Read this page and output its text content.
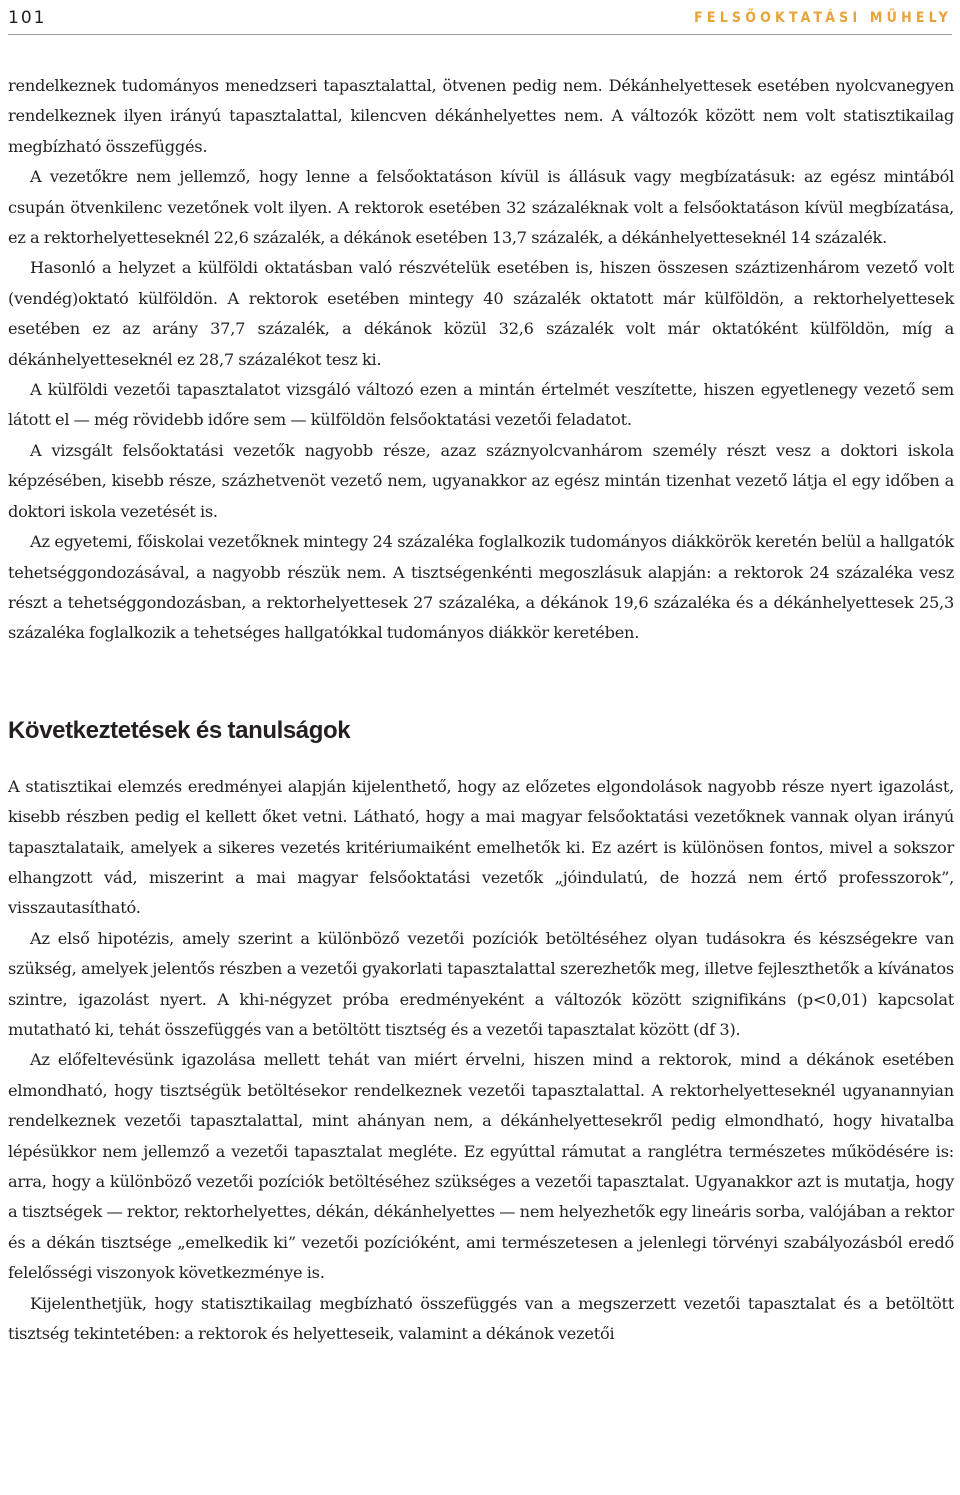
101	FELSŐOKTATÁSI MŰHELY

rendelkeznek tudományos menedzseri tapasztalattal, ötvenen pedig nem. Dékánhelyettesek esetében nyolcvanegyen rendelkeznek ilyen irányú tapasztalattal, kilencven dékánhelyettes nem. A változók között nem volt statisztikailag megbízható összefüggés.

A vezetőkre nem jellemző, hogy lenne a felsőoktatáson kívül is állásuk vagy megbízatásuk: az egész mintából csupán ötvenkilenc vezetőnek volt ilyen. A rektorok esetében 32 százaléknak volt a felsőoktatáson kívül megbízatása, ez a rektorhelyetteseknél 22,6 százalék, a dékánok esetében 13,7 százalék, a dékánhelyetteseknél 14 százalék.

Hasonló a helyzet a külföldi oktatásban való részvételük esetében is, hiszen összesen száztizenhárom vezető volt (vendég)oktató külföldön. A rektorok esetében mintegy 40 százalék oktatott már külföldön, a rektorhelyettesek esetében ez az arány 37,7 százalék, a dékánok közül 32,6 százalék volt már oktatóként külföldön, míg a dékánhelyetteseknél ez 28,7 százalékot tesz ki.

A külföldi vezetői tapasztalatot vizsgáló változó ezen a mintán értelmét veszítette, hiszen egyetlenegy vezető sem látott el — még rövidebb időre sem — külföldön felsőoktatási vezetői feladatot.

A vizsgált felsőoktatási vezetők nagyobb része, azaz száznyolcvanhárom személy részt vesz a doktori iskola képzésében, kisebb része, százhetvenöt vezető nem, ugyanakkor az egész mintán tizenhat vezető látja el egy időben a doktori iskola vezetését is.

Az egyetemi, főiskolai vezetőknek mintegy 24 százaléka foglalkozik tudományos diákkörök keretén belül a hallgatók tehetséggondozásával, a nagyobb részük nem. A tisztségenkénti megoszlásuk alapján: a rektorok 24 százaléka vesz részt a tehetséggondozásban, a rektorhelyettesek 27 százaléka, a dékánok 19,6 százaléka és a dékánhelyettesek 25,3 százaléka foglalkozik a tehetséges hallgatókkal tudományos diákkör keretében.

Következtetések és tanulságok

A statisztikai elemzés eredményei alapján kijelenthető, hogy az előzetes elgondolások nagyobb része nyert igazolást, kisebb részben pedig el kellett őket vetni. Látható, hogy a mai magyar felsőoktatási vezetőknek vannak olyan irányú tapasztalataik, amelyek a sikeres vezetés kritériumaiként emelhetők ki. Ez azért is különösen fontos, mivel a sokszor elhangzott vád, miszerint a mai magyar felsőoktatási vezetők „jóindulatú, de hozzá nem értő professzorok”, visszautasítható.

Az első hipotézis, amely szerint a különböző vezetői pozíciók betöltéséhez olyan tudásokra és készségekre van szükség, amelyek jelentős részben a vezetői gyakorlati tapasztalattal szerezhetők meg, illetve fejleszthetők a kívánatos szintre, igazolást nyert. A khi-négyzet próba eredményeként a változók között szignifikáns (p<0,01) kapcsolat mutatható ki, tehát összefüggés van a betöltött tisztség és a vezetői tapasztalat között (df 3).

Az előfeltevésünk igazolása mellett tehát van miért érvelni, hiszen mind a rektorok, mind a dékánok esetében elmondható, hogy tisztségük betöltésekor rendelkeznek vezetői tapasztalattal. A rektorhelyetteseknél ugyanannyian rendelkeznek vezetői tapasztalattal, mint ahányan nem, a dékánhelyettesekről pedig elmondható, hogy hivatalba lépésükkor nem jellemző a vezetői tapasztalat megléte. Ez egyúttal rámutat a ranglétra természetes működésére is: arra, hogy a különböző vezetői pozíciók betöltéséhez szükséges a vezetői tapasztalat. Ugyanakkor azt is mutatja, hogy a tisztségek — rektor, rektorhelyettes, dékán, dékánhelyettes — nem helyezhetők egy lineáris sorba, valójában a rektor és a dékán tisztsége „emelkedik ki” vezetői pozícióként, ami természetesen a jelenlegi törvényi szabályozásból eredő felelősségi viszonyok következménye is.

Kijelenthetjük, hogy statisztikailag megbízható összefüggés van a megszerzett vezetői tapasztalat és a betöltött tisztség tekintetében: a rektorok és helyetteseik, valamint a dékánok vezetői
